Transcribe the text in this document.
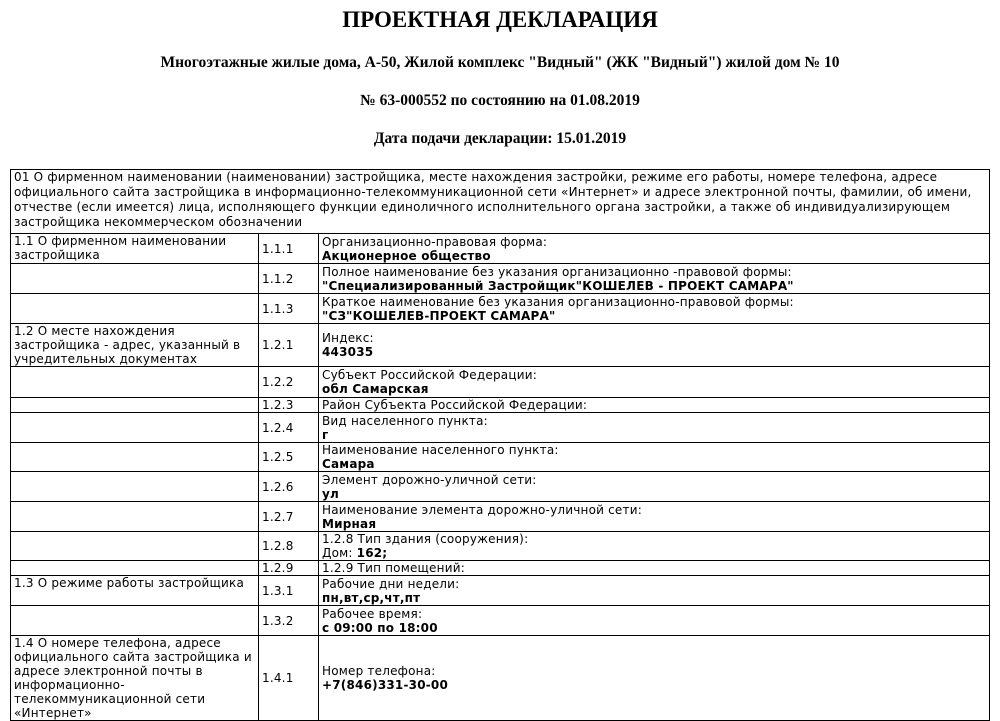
ПРОЕКТНАЯ ДЕКЛАРАЦИЯ
Многоэтажные жилые дома, А-50, Жилой комплекс "Видный" (ЖК "Видный") жилой дом № 10
№ 63-000552 по состоянию на 01.08.2019
Дата подачи декларации: 15.01.2019
01 О фирменном наименовании (наименовании) застройщика, месте нахождения застройки, режиме его работы, номере телефона, адресе официального сайта застройщика в информационно-телекоммуникационной сети «Интернет» и адресе электронной почты, фамилии, об имени, отчестве (если имеется) лица, исполняющего функции единоличного исполнительного органа застройки, а также об индивидуализирующем застройщика некоммерческом обозначении		
1.1 О фирменном наименовании застройщика	1.1.1	Организационно-правовая форма:
Акционерное общество

	1.1.2	Полное наименование без указания организационно -правовой формы:
"Специализированный Застройщик"КОШЕЛЕВ - ПРОЕКТ САМАРА"

	1.1.3	Краткое наименование без указания организационно-правовой формы:
"СЗ"КОШЕЛЕВ-ПРОЕКТ САМАРА"

1.2 О месте нахождения застройщика - адрес, указанный в учредительных документах	1.2.1	Индекс:
443035

	1.2.2	Субъект Российской Федерации:
обл Самарская

	1.2.3	Район Субъекта Российской Федерации:

	1.2.4	Вид населенного пункта:
г

	1.2.5	Наименование населенного пункта:
Самара

	1.2.6	Элемент дорожно-уличной сети:
ул

	1.2.7	Наименование элемента дорожно-уличной сети:
Мирная

	1.2.8	1.2.8 Тип здания (сооружения):
Дом: 162;

	1.2.9	1.2.9 Тип помещений:

1.3 О режиме работы застройщика	1.3.1	Рабочие дни недели:
пн,вт,ср,чт,пт

	1.3.2	Рабочее время:
с 09:00 по 18:00

1.4 О номере телефона, адресе официального сайта застройщика и адресе электронной почты в информационно-телекоммуникационной сети «Интернет»	1.4.1	Номер телефона:
+7(846)331-30-00
